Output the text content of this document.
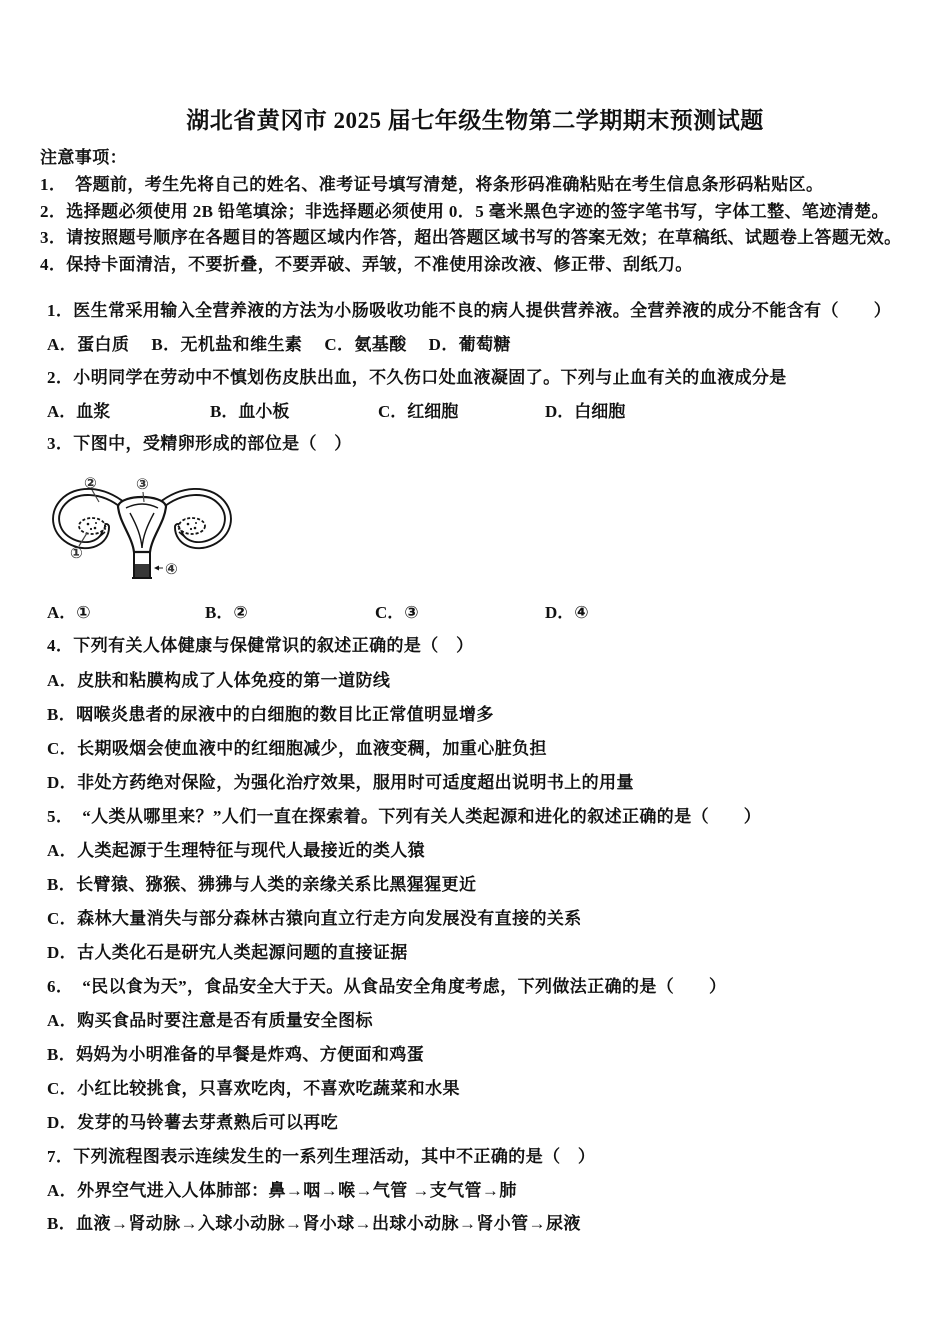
湖北省黄冈市 2025 届七年级生物第二学期期末预测试题
注意事项：
1．　答题前，考生先将自己的姓名、准考证号填写清楚，将条形码准确粘贴在考生信息条形码粘贴区。
2．选择题必须使用 2B 铅笔填涂；非选择题必须使用 0．5 毫米黑色字迹的签字笔书写，字体工整、笔迹清楚。
3．请按照题号顺序在各题目的答题区域内作答，超出答题区域书写的答案无效；在草稿纸、试题卷上答题无效。
4．保持卡面清洁，不要折叠，不要弄破、弄皱，不准使用涂改液、修正带、刮纸刀。
1．医生常采用输入全营养液的方法为小肠吸收功能不良的病人提供营养液。全营养液的成分不能含有（　　）
A．蛋白质　 B．无机盐和维生素　 C．氨基酸　 D．葡萄糖
2．小明同学在劳动中不慎划伤皮肤出血，不久伤口处血液凝固了。下列与止血有关的血液成分是
A．血浆	B．血小板	C．红细胞	D．白细胞
3．下图中，受精卵形成的部位是（　）
②	③
①
④
A．①	B．②	C．③	D．④
4．下列有关人体健康与保健常识的叙述正确的是（　）
A．皮肤和粘膜构成了人体免疫的第一道防线
B．咽喉炎患者的尿液中的白细胞的数目比正常值明显增多
C．长期吸烟会使血液中的红细胞减少，血液变稠，加重心脏负担
D．非处方药绝对保险，为强化治疗效果，服用时可适度超出说明书上的用量
5．　“人类从哪里来？”人们一直在探索着。下列有关人类起源和进化的叙述正确的是（　　）
A．人类起源于生理特征与现代人最接近的类人猿
B．长臂猿、猕猴、狒狒与人类的亲缘关系比黑猩猩更近
C．森林大量消失与部分森林古猿向直立行走方向发展没有直接的关系
D．古人类化石是研宄人类起源问题的直接证据
6．　“民以食为天”，食品安全大于天。从食品安全角度考虑，下列做法正确的是（　　）
A．购买食品时要注意是否有质量安全图标
B．妈妈为小明准备的早餐是炸鸡、方便面和鸡蛋
C．小红比较挑食，只喜欢吃肉，不喜欢吃蔬菜和水果
D．发芽的马铃薯去芽煮熟后可以再吃
7．下列流程图表示连续发生的一系列生理活动，其中不正确的是（　）
A．外界空气进入人体肺部：鼻→咽→喉→气管 →支气管→肺
B．血液→肾动脉→入球小动脉→肾小球→出球小动脉→肾小管→尿液
